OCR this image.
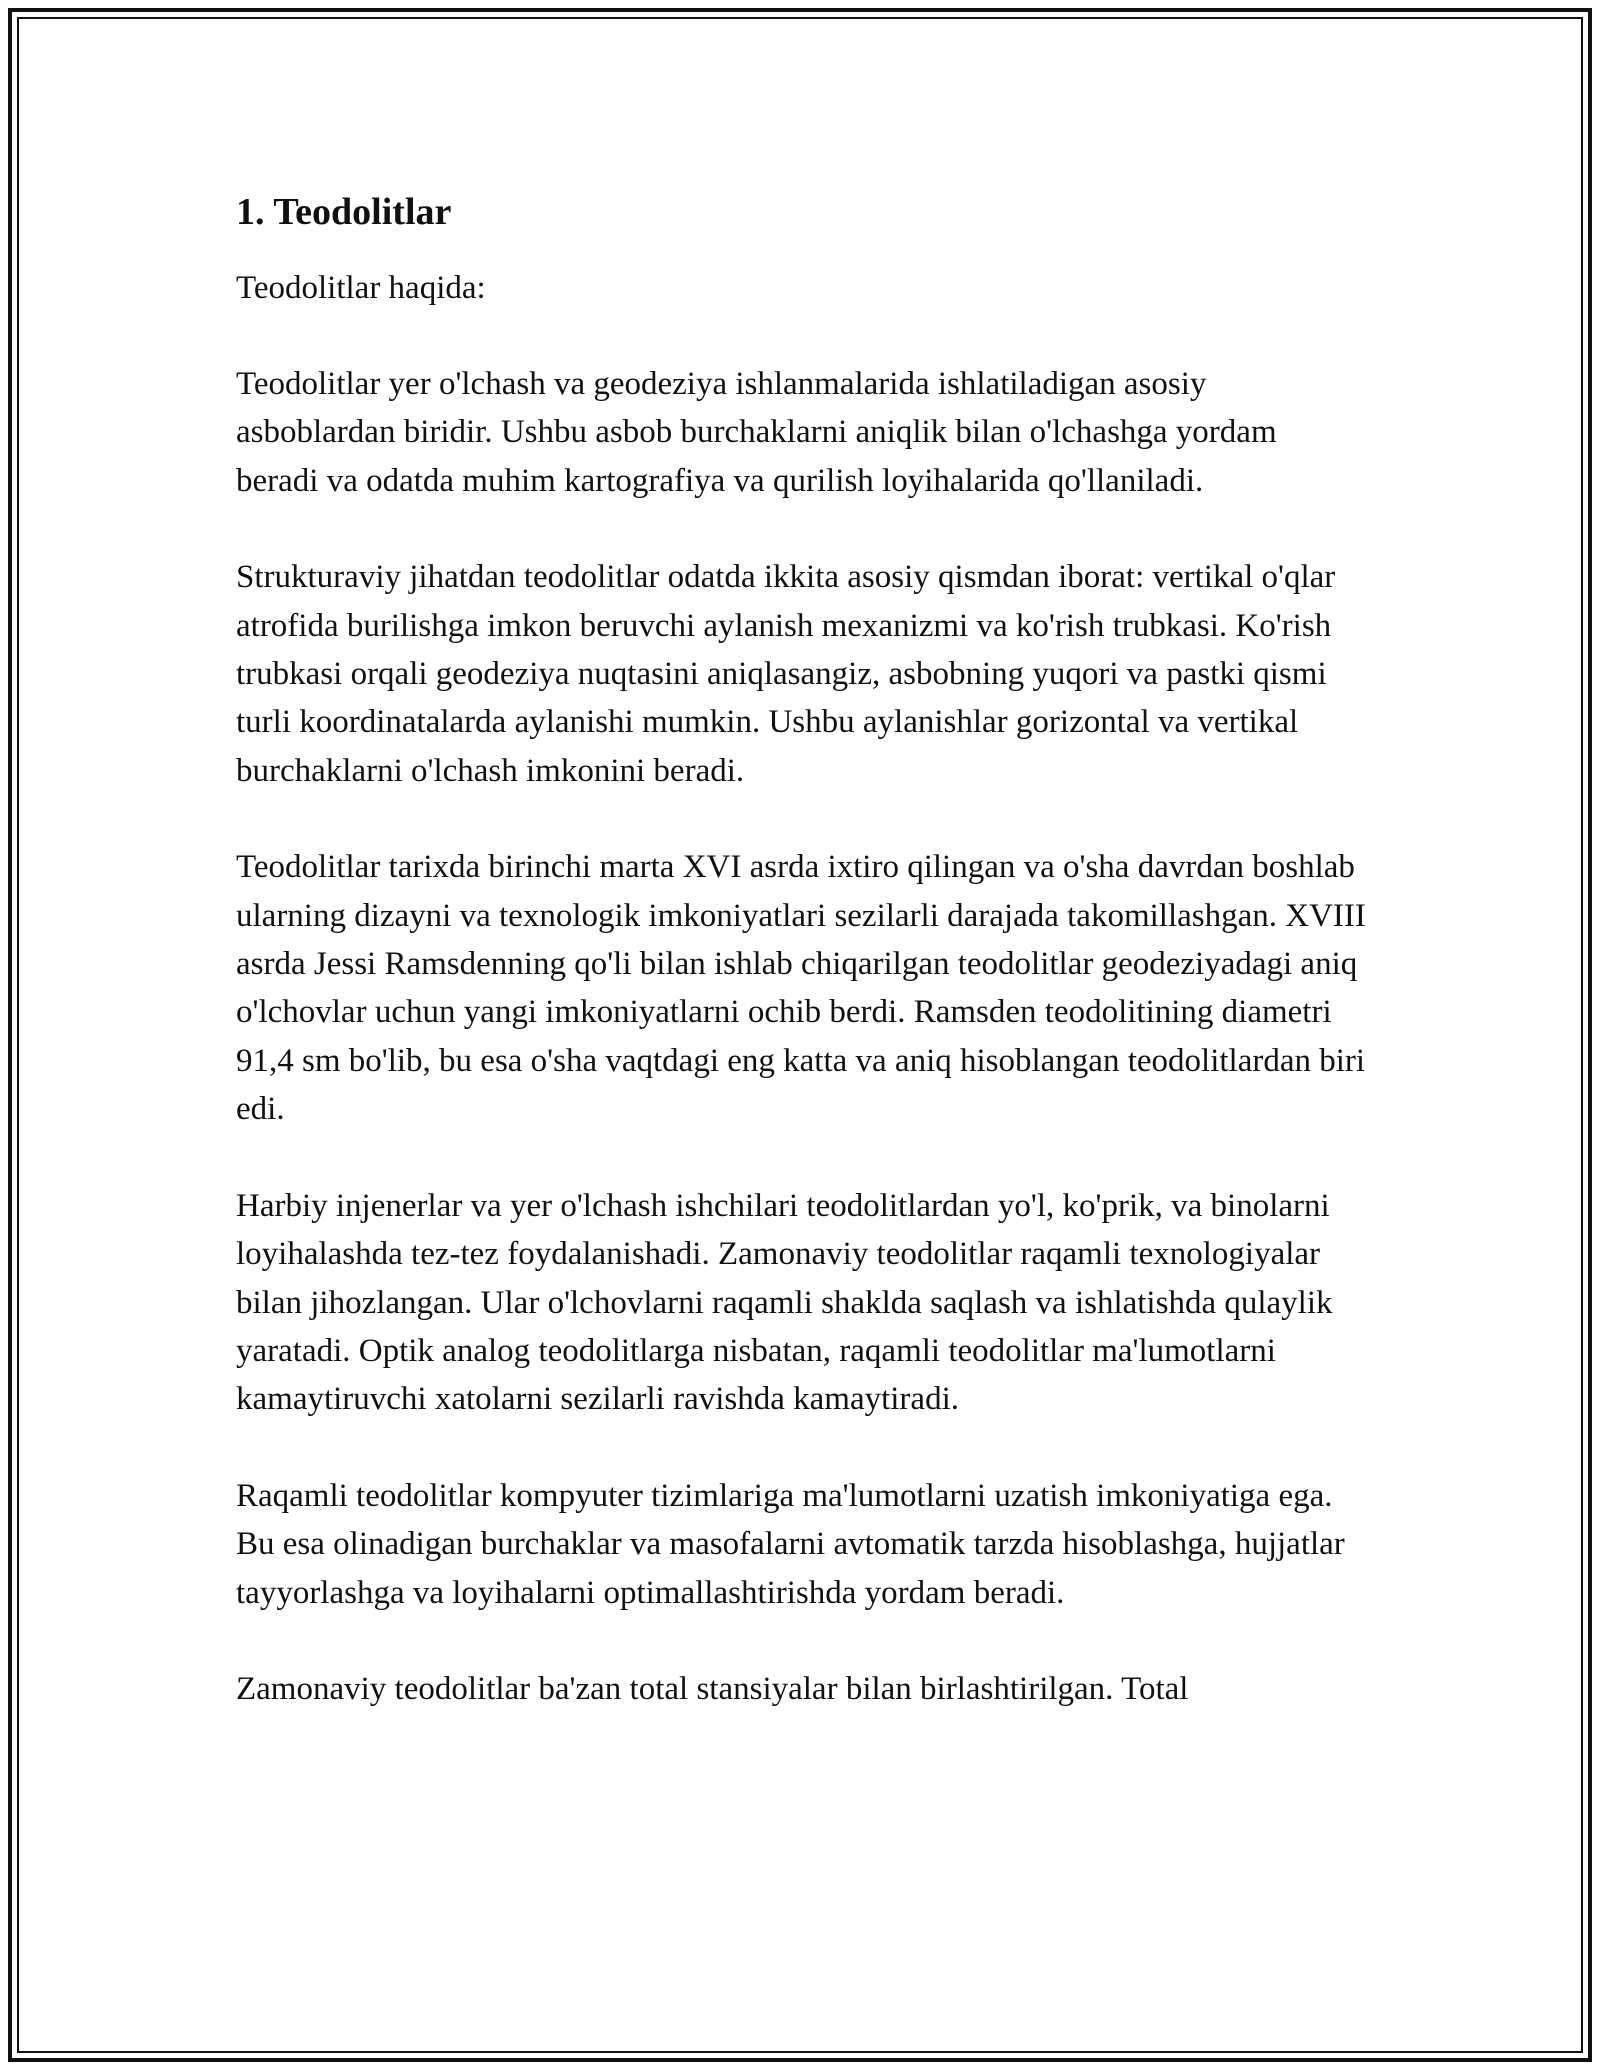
1. Teodolitlar

Teodolitlar haqida:

Teodolitlar yer o'lchash va geodeziya ishlanmalarida ishlatiladigan asosiy asboblardan biridir. Ushbu asbob burchaklarni aniqlik bilan o'lchashga yordam beradi va odatda muhim kartografiya va qurilish loyihalarida qo'llaniladi.

Strukturaviy jihatdan teodolitlar odatda ikkita asosiy qismdan iborat: vertikal o'qlar atrofida burilishga imkon beruvchi aylanish mexanizmi va ko'rish trubkasi. Ko'rish trubkasi orqali geodeziya nuqtasini aniqlasangiz, asbobning yuqori va pastki qismi turli koordinatalarda aylanishi mumkin. Ushbu aylanishlar gorizontal va vertikal burchaklarni o'lchash imkonini beradi.

Teodolitlar tarixda birinchi marta XVI asrda ixtiro qilingan va o'sha davrdan boshlab ularning dizayni va texnologik imkoniyatlari sezilarli darajada takomillashgan. XVIII asrda Jessi Ramsdenning qo'li bilan ishlab chiqarilgan teodolitlar geodeziyadagi aniq o'lchovlar uchun yangi imkoniyatlarni ochib berdi. Ramsden teodolitining diametri 91,4 sm bo'lib, bu esa o'sha vaqtdagi eng katta va aniq hisoblangan teodolitlardan biri edi.

Harbiy injenerlar va yer o'lchash ishchilari teodolitlardan yo'l, ko'prik, va binolarni loyihalashda tez-tez foydalanishadi. Zamonaviy teodolitlar raqamli texnologiyalar bilan jihozlangan. Ular o'lchovlarni raqamli shaklda saqlash va ishlatishda qulaylik yaratadi. Optik analog teodolitlarga nisbatan, raqamli teodolitlar ma'lumotlarni kamaytiruvchi xatolarni sezilarli ravishda kamaytiradi.

Raqamli teodolitlar kompyuter tizimlariga ma'lumotlarni uzatish imkoniyatiga ega. Bu esa olinadigan burchaklar va masofalarni avtomatik tarzda hisoblashga, hujjatlar tayyorlashga va loyihalarni optimallashtirishda yordam beradi.

Zamonaviy teodolitlar ba'zan total stansiyalar bilan birlashtirilgan. Total
